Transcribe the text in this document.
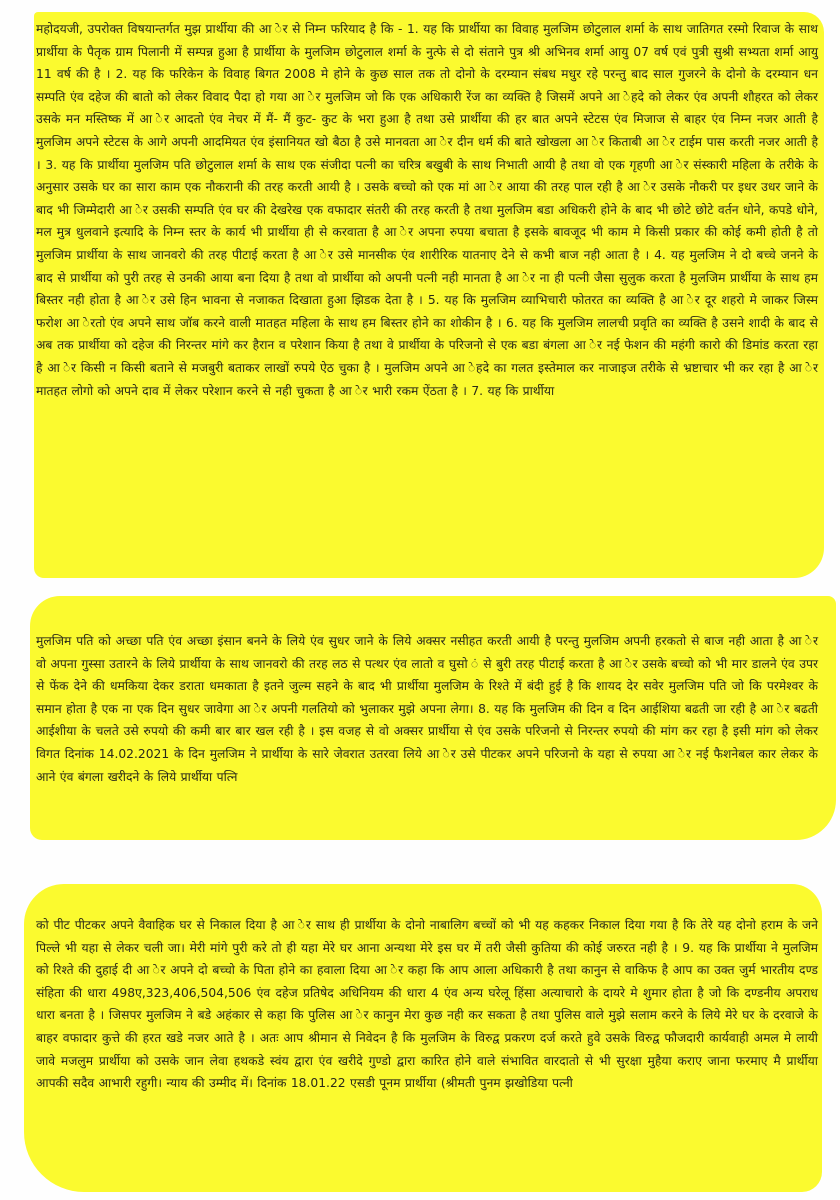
महोदयजी, उपरोक्त विषयान्तर्गत मुझ प्रार्थीया की आ ेर से निम्न फरियाद है कि - 1. यह कि प्रार्थीया का विवाह मुलजिम छोटुलाल शर्मा के साथ जातिगत रस्मो रिवाज के साथ प्रार्थीया के पैतृक ग्राम पिलानी में सम्पन्न हुआ है प्रार्थीया के मुलजिम छोटुलाल शर्मा के नुत्फे से दो संताने पुत्र श्री अभिनव शर्मा आयु 07 वर्ष एवं पुत्री सुश्री सभ्यता शर्मा आयु 11 वर्ष की है । 2. यह कि फरिकेन के विवाह बिगत 2008 मे होने के कुछ साल तक तो दोनो के दरम्यान संबध मधुर रहे परन्तु बाद साल गुजरने के दोनो के दरम्यान धन सम्पति एंव दहेज की बातो को लेकर विवाद पैदा हो गया आ ेर मुलजिम जो कि एक अधिकारी रेंज का व्यक्ति है जिसमें अपने आ ेहदे को लेकर एंव अपनी शौहरत को लेकर उसके मन मस्तिष्क में आ ेर आदतो एंव नेचर में मैं- मैं कुट- कुट के भरा हुआ है तथा उसे प्रार्थीया की हर बात अपने स्टेटस एंव मिजाज से बाहर एंव निम्न नजर आती है मुलजिम अपने स्टेटस के आगे अपनी आदमियत एंव इंसानियत खो बैठा है उसे मानवता आ ेर दीन धर्म की बाते खोखला आ ेर किताबी आ ेर टाईम पास करती नजर आती है । 3. यह कि प्रार्थीया मुलजिम पति छोटुलाल शर्मा के साथ एक संजीदा पत्नी का चरित्र बखुबी के साथ निभाती आयी है तथा वो एक गृहणी आ ेर संस्कारी महिला के तरीके के अनुसार उसके घर का सारा काम एक नौकरानी की तरह करती आयी है । उसके बच्चो को एक मां आ ेर आया की तरह पाल रही है आ ेर उसके नौकरी पर इधर उधर जाने के बाद भी जिम्मेदारी आ ेर उसकी सम्पति एंव घर की देखरेख एक वफादार संतरी की तरह करती है तथा मुलजिम बडा अधिकरी होने के बाद भी छोटे छोटे वर्तन धोने, कपडे धोने, मल मुत्र धुलवाने इत्यादि के निम्न स्तर के कार्य भी प्रार्थीया ही से करवाता है आ ेर अपना रुपया बचाता है इसके बावजूद भी काम मे किसी प्रकार की कोई कमी होती है तो मुलजिम प्रार्थीया के साथ जानवरो की तरह पीटाई करता है आ ेर उसे मानसीक एंव शारीरिक यातनाए देने से कभी बाज नही आता है । 4. यह मुलजिम ने दो बच्चे जनने के बाद से प्रार्थीया को पुरी तरह से उनकी आया बना दिया है तथा वो प्रार्थीया को अपनी पत्नी नही मानता है आ ेर ना ही पत्नी जैसा सुलुक करता है मुलजिम प्रार्थीया के साथ हम बिस्तर नही होता है आ ेर उसे हिन भावना से नजाकत दिखाता हुआ झिडक देता है । 5. यह कि मुलजिम व्याभिचारी फोतरत का व्यक्ति है आ ेर दूर शहरो मे जाकर जिस्म फरोश आ ेरतो एंव अपने साथ जॉब करने वाली मातहत महिला के साथ हम बिस्तर होने का शोकीन है । 6. यह कि मुलजिम लालची प्रवृति का व्यक्ति है उसने शादी के बाद से अब तक प्रार्थीया को दहेज की निरन्तर मांगे कर हैरान व परेशान किया है तथा वे प्रार्थीया के परिजनो से एक बडा बंगला आ ेर नई फेशन की महंगी कारो की डिमांड करता रहा है आ ेर किसी न किसी बताने से मजबुरी बताकर लाखों रुपये ऐठ चुका है । मुलजिम अपने आ ेहदे का गलत इस्तेमाल कर नाजाइज तरीके से भ्रष्टाचार भी कर रहा है आ ेर मातहत लोगो को अपने दाव में लेकर परेशान करने से नही चुकता है आ ेर भारी रकम ऐंठता है । 7. यह कि प्रार्थीया

मुलजिम पति को अच्छा पति एंव अच्छा इंसान बनने के लिये एंव सुधर जाने के लिये अक्सर नसीहत करती आयी है परन्तु मुलजिम अपनी हरकतो से बाज नही आता है आ ेर वो अपना गुस्सा उतारने के लिये प्रार्थीया के साथ जानवरो की तरह लठ से पत्थर एंव लातो व घुसो ं से बुरी तरह पीटाई करता है आ ेर उसके बच्चो को भी मार डालने एंव उपर से फेंक देने की धमकिया देकर डराता धमकाता है इतने जुल्म सहने के बाद भी प्रार्थीया मुलजिम के रिश्ते में बंदी हुई है कि शायद देर सवेर मुलजिम पति जो कि परमेश्वर के समान होता है एक ना एक दिन सुधर जावेगा आ ेर अपनी गलतियो को भुलाकर मुझे अपना लेगा। 8. यह कि मुलजिम की दिन व दिन आईशिया बढती जा रही है आ ेर बढती आईशीया के चलते उसे रुपयो की कमी बार बार खल रही है । इस वजह से वो अक्सर प्रार्थीया से एंव उसके परिजनो से निरन्तर रुपयो की मांग कर रहा है इसी मांग को लेकर विगत दिनांक 14.02.2021 के दिन मुलजिम ने प्रार्थीया के सारे जेवरात उतरवा लिये आ ेर उसे पीटकर अपने परिजनो के यहा से रुपया आ ेर नई फैशनेबल कार लेकर के आने एंव बंगला खरीदने के लिये प्रार्थीया पत्नि

को पीट पीटकर अपने वैवाहिक घर से निकाल दिया है आ ेर साथ ही प्रार्थीया के दोनो नाबालिग बच्चों को भी यह कहकर निकाल दिया गया है कि तेरे यह दोनो हराम के जने पिल्ले भी यहा से लेकर चली जा। मेरी मांगे पुरी करे तो ही यहा मेरे घर आना अन्यथा मेरे इस घर में तरी जैसी कुतिया की कोई जरुरत नही है । 9. यह कि प्रार्थीया ने मुलजिम को रिश्ते की दुहाई दी आ ेर अपने दो बच्चो के पिता होने का हवाला दिया आ ेर कहा कि आप आला अधिकारी है तथा कानुन से वाकिफ है आप का उक्त जुर्म भारतीय दण्ड संहिता की धारा 498ए,323,406,504,506 एंव दहेज प्रतिषेद अधिनियम की धारा 4 एंव अन्य घरेलू हिंसा अत्याचारो के दायरे मे शुमार होता है जो कि दण्डनीय अपराध धारा बनता है । जिसपर मुलजिम ने बडे अहंकार से कहा कि पुलिस आ ेर कानुन मेरा कुछ नही कर सकता है तथा पुलिस वाले मुझे सलाम करने के लिये मेरे घर के दरवाजे के बाहर वफादार कुत्ते की हरत खडे नजर आते है । अतः आप श्रीमान से निवेदन है कि मुलजिम के विरुद्व प्रकरण दर्ज करते हुवे उसके विरुद्व फौजदारी कार्यवाही अमल मे लायी जावे मजलुम प्रार्थीया को उसके जान लेवा हथकडे स्वंय द्वारा एंव खरीदे गुण्डो द्वारा कारित होने वाले संभावित वारदातो से भी सुरक्षा मुहैया कराए जाना फरमाए मै प्रार्थीया आपकी सदैव आभारी रहुगी। न्याय की उम्मीद में। दिनांक 18.01.22 एसडी पूनम प्रार्थीया (श्रीमती पुनम झखोडिया पत्नी
